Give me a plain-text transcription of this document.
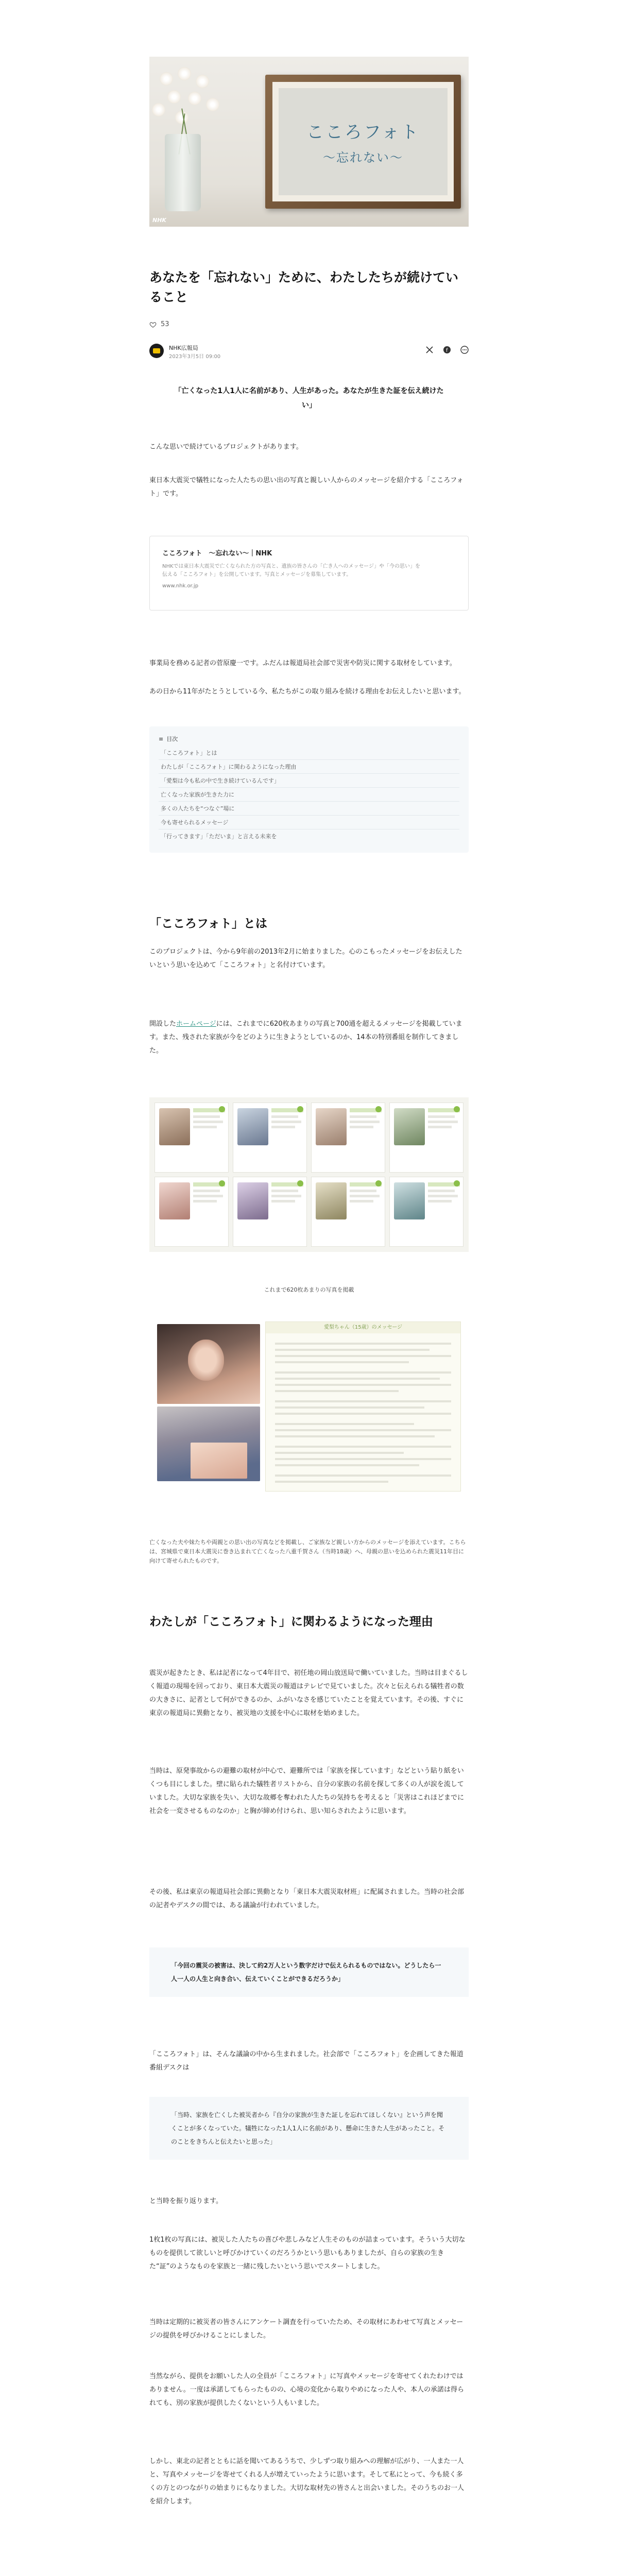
こころフォト
〜忘れない〜
NHK
あなたを「忘れない」ために、わたしたちが続けていること
53
NHK広報局
2023年3月5日 09:00
f
「亡くなった1人1人に名前があり、人生があった。あなたが生きた証を伝え続けたい」

こんな思いで続けているプロジェクトがあります。

東日本大震災で犠牲になった人たちの思い出の写真と親しい人からのメッセージを紹介する「こころフォト」です。

こころフォト　〜忘れない〜｜NHK
NHKでは東日本大震災で亡くなられた方の写真と、遺族の皆さんの「亡き人へのメッセージ」や「今の思い」を
伝える「こころフォト」を公開しています。写真とメッセージを募集しています。
www.nhk.or.jp

事業局を務める記者の菅原慶一です。ふだんは報道局社会部で災害や防災に関する取材をしています。

あの日から11年がたとうとしている今、私たちがこの取り組みを続ける理由をお伝えしたいと思います。

≡ 目次
「こころフォト」とは
わたしが「こころフォト」に関わるようになった理由
「愛梨は今も私の中で生き続けているんです」
亡くなった家族が生きた力に
多くの人たちを“つなぐ”場に
今も寄せられるメッセージ
「行ってきます」「ただいま」と言える未来を
「こころフォト」とは

このプロジェクトは、今から9年前の2013年2月に始まりました。心のこもったメッセージをお伝えしたいという思いを込めて「こころフォト」と名付けています。

開設したホームページには、これまでに620枚あまりの写真と700通を超えるメッセージを掲載しています。また、残された家族が今をどのように生きようとしているのか、14本の特別番組を制作してきました。
これまで620枚あまりの写真を掲載
愛梨ちゃん（15歳）のメッセージ
亡くなった夫や妹たちや両親との思い出の写真などを掲載し、ご家族など親しい方からのメッセージを添えています。こちらは、宮城県で東日本大震災に巻き込まれて亡くなった八重千賀さん（当時18歳）へ、母親の思いを込められた震災11年目に向けて寄せられたものです。
わたしが「こころフォト」に関わるようになった理由

震災が起きたとき、私は記者になって4年目で、初任地の岡山放送局で働いていました。当時は目まぐるしく報道の現場を回っており、東日本大震災の報道はテレビで見ていました。次々と伝えられる犠牲者の数の大きさに、記者として何ができるのか、ふがいなさを感じていたことを覚えています。その後、すぐに東京の報道局に異動となり、被災地の支援を中心に取材を始めました。

当時は、原発事故からの避難の取材が中心で、避難所では「家族を探しています」などという貼り紙をいくつも目にしました。壁に貼られた犠牲者リストから、自分の家族の名前を探して多くの人が涙を流していました。大切な家族を失い、大切な故郷を奪われた人たちの気持ちを考えると「災害はこれほどまでに社会を一変させるものなのか」と胸が締め付けられ、思い知らされたように思います。

その後、私は東京の報道局社会部に異動となり「東日本大震災取材班」に配属されました。当時の社会部の記者やデスクの間では、ある議論が行われていました。

「今回の震災の被害は、決して約2万人という数字だけで伝えられるものではない。どうしたら一人一人の人生と向き合い、伝えていくことができるだろうか」

「こころフォト」は、そんな議論の中から生まれました。社会部で「こころフォト」を企画してきた報道番組デスクは

「当時、家族を亡くした被災者から『自分の家族が生きた証しを忘れてほしくない』という声を聞くことが多くなっていた。犠牲になった1人1人に名前があり、懸命に生きた人生があったこと。そのことをきちんと伝えたいと思った」

と当時を振り返ります。

1枚1枚の写真には、被災した人たちの喜びや悲しみなど人生そのものが詰まっています。そういう大切なものを提供して欲しいと呼びかけていくのだろうかという思いもありましたが、自らの家族の生きた“証”のようなものを家族と一緒に残したいという思いでスタートしました。

当時は定期的に被災者の皆さんにアンケート調査を行っていたため、その取材にあわせて写真とメッセージの提供を呼びかけることにしました。

当然ながら、提供をお願いした人の全員が「こころフォト」に写真やメッセージを寄せてくれたわけではありません。一度は承諾してもらったものの、心境の変化から取りやめになった人や、本人の承諾は得られても、別の家族が提供したくないという人もいました。

しかし、東北の記者とともに話を聞いてあるうちで、少しずつ取り組みへの理解が広がり、一人また一人と、写真やメッセージを寄せてくれる人が増えていったように思います。そして私にとって、今も続く多くの方とのつながりの始まりにもなりました。大切な取材先の皆さんと出会いました。そのうちのお一人を紹介します。
